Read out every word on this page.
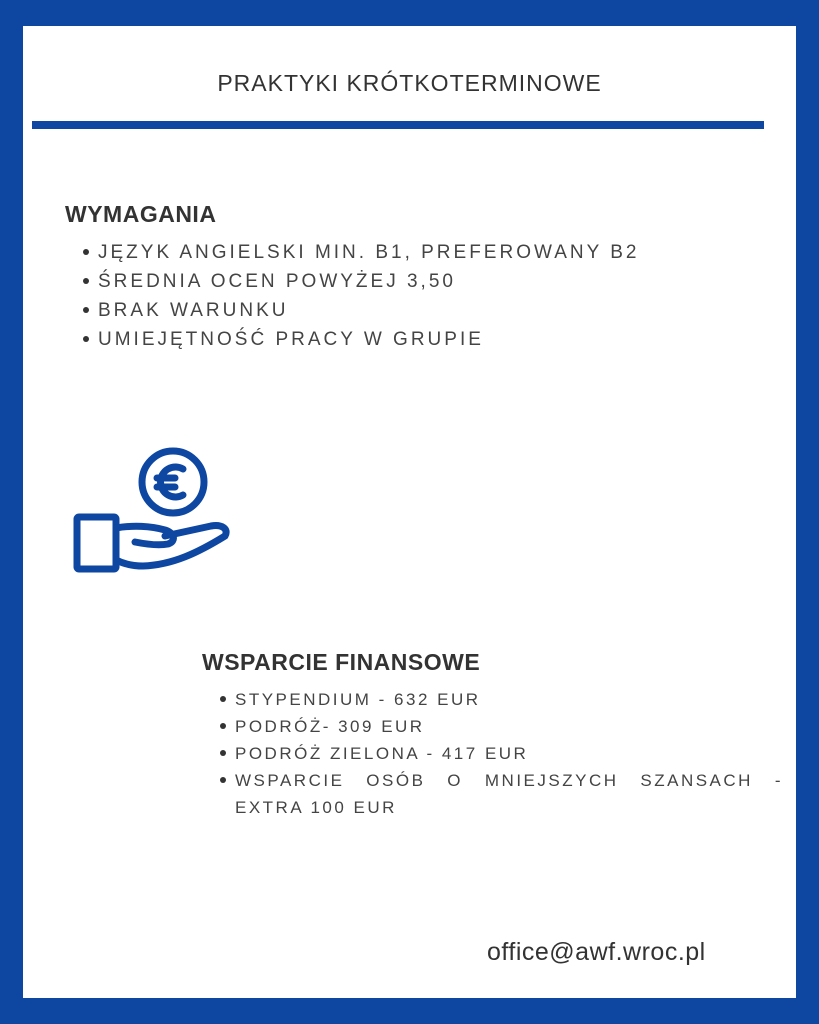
PRAKTYKI KRÓTKOTERMINOWE
WYMAGANIA
JĘZYK ANGIELSKI MIN. B1, PREFEROWANY B2
ŚREDNIA OCEN POWYŻEJ 3,50
BRAK WARUNKU
UMIEJĘTNOŚĆ PRACY W GRUPIE
WSPARCIE FINANSOWE
STYPENDIUM - 632 EUR
PODRÓŻ- 309 EUR
PODRÓŻ ZIELONA - 417 EUR
WSPARCIE OSÓB O MNIEJSZYCH SZANSACH -
EXTRA 100 EUR
office@awf.wroc.pl
